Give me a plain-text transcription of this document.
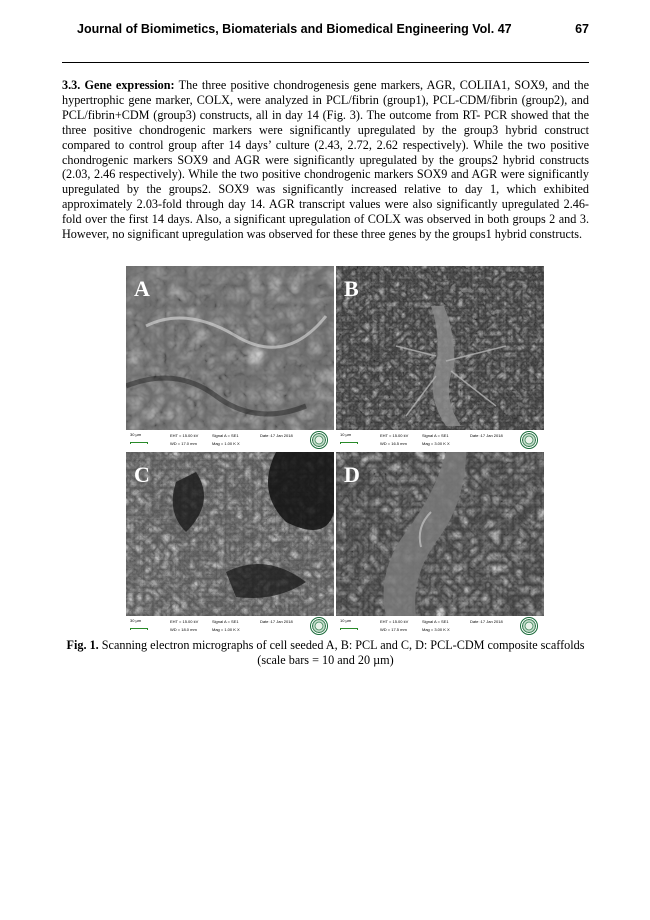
Journal of Biomimetics, Biomaterials and Biomedical Engineering Vol. 47	67

3.3. Gene expression: The three positive chondrogenesis gene markers, AGR, COLIIA1, SOX9, and the hypertrophic gene marker, COLX, were analyzed in PCL/fibrin (group1), PCL-CDM/fibrin (group2), and PCL/fibrin+CDM (group3) constructs, all in day 14 (Fig. 3). The outcome from RT- PCR showed that the three positive chondrogenic markers were significantly upregulated by the group3 hybrid construct compared to control group after 14 days’ culture (2.43, 2.72, 2.62 respectively). While the two positive chondrogenic markers SOX9 and AGR were significantly upregulated by the groups2 hybrid constructs (2.03, 2.46 respectively). While the two positive chondrogenic markers SOX9 and AGR were significantly upregulated by the groups2. SOX9 was significantly increased relative to day 1, which exhibited approximately 2.03-fold through day 14. AGR transcript values were also significantly upregulated 2.46-fold over the first 14 days. Also, a significant upregulation of COLX was observed in both groups 2 and 3. However, no significant upregulation was observed for these three genes by the groups1 hybrid constructs.

A
30 µm	EHT = 15.00 kV
WD = 17.0 mm
Signal A = SE1
Mag = 1.00 K X
Date :17 Jan 2018
B
10 µm	EHT = 15.00 kV
WD = 16.5 mm
Signal A = SE1
Mag = 3.00 K X
Date :17 Jan 2018
C
30 µm	EHT = 15.00 kV
WD = 18.0 mm
Signal A = SE1
Mag = 1.00 K X
Date :17 Jan 2018
D
10 µm	EHT = 15.00 kV
WD = 17.5 mm
Signal A = SE1
Mag = 3.00 K X
Date :17 Jan 2018
Fig. 1. Scanning electron micrographs of cell seeded A, B: PCL and C, D: PCL-CDM composite scaffolds (scale bars = 10 and 20 µm)
